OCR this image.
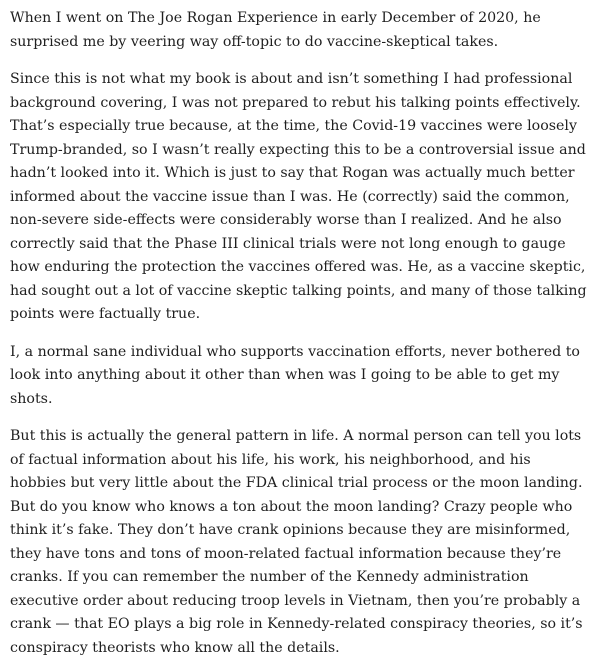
When I went on The Joe Rogan Experience in early December of 2020, he surprised me by veering way off-topic to do vaccine-skeptical takes.

Since this is not what my book is about and isn’t something I had professional background covering, I was not prepared to rebut his talking points effectively. That’s especially true because, at the time, the Covid-19 vaccines were loosely Trump-branded, so I wasn’t really expecting this to be a controversial issue and hadn’t looked into it. Which is just to say that Rogan was actually much better informed about the vaccine issue than I was. He (correctly) said the common, non-severe side-effects were considerably worse than I realized. And he also correctly said that the Phase III clinical trials were not long enough to gauge how enduring the protection the vaccines offered was. He, as a vaccine skeptic, had sought out a lot of vaccine skeptic talking points, and many of those talking points were factually true.

I, a normal sane individual who supports vaccination efforts, never bothered to look into anything about it other than when was I going to be able to get my shots.

But this is actually the general pattern in life. A normal person can tell you lots of factual information about his life, his work, his neighborhood, and his hobbies but very little about the FDA clinical trial process or the moon landing. But do you know who knows a ton about the moon landing? Crazy people who think it’s fake. They don’t have crank opinions because they are misinformed, they have tons and tons of moon-related factual information because they’re cranks. If you can remember the number of the Kennedy administration executive order about reducing troop levels in Vietnam, then you’re probably a crank — that EO plays a big role in Kennedy-related conspiracy theories, so it’s conspiracy theorists who know all the details.
